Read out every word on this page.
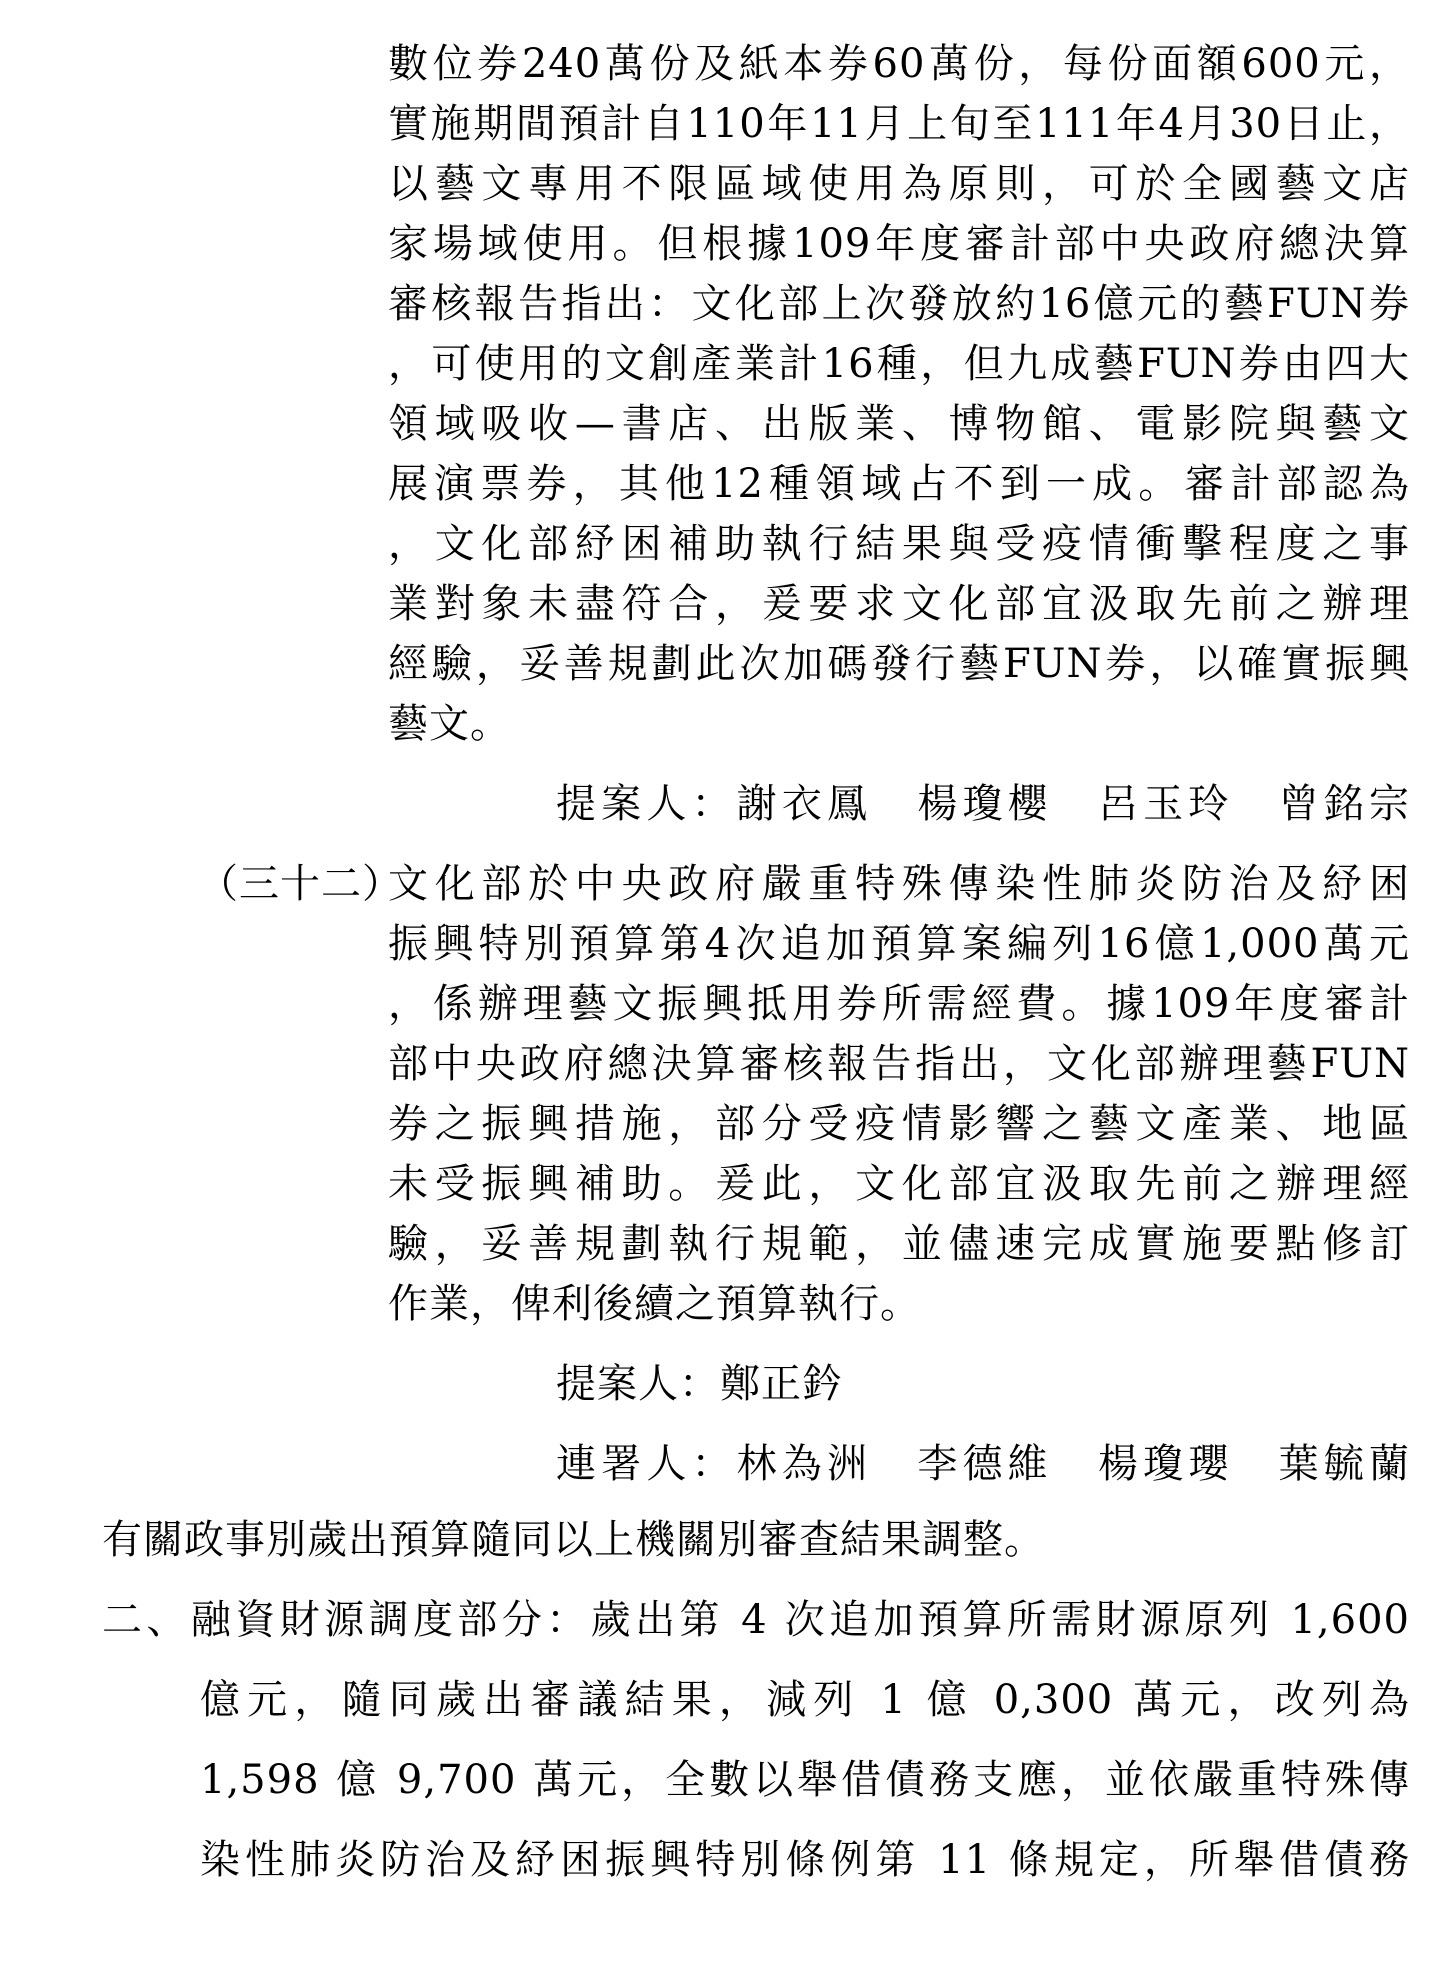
數位券240萬份及紙本券60萬份，每份面額600元，
實施期間預計自110年11月上旬至111年4月30日止，
以藝文專用不限區域使用為原則，可於全國藝文店
家場域使用。但根據109年度審計部中央政府總決算
審核報告指出：文化部上次發放約16億元的藝FUN券
，可使用的文創產業計16種，但九成藝FUN券由四大
領域吸收—書店、出版業、博物館、電影院與藝文
展演票券，其他12種領域占不到一成。審計部認為
，文化部紓困補助執行結果與受疫情衝擊程度之事
業對象未盡符合，爰要求文化部宜汲取先前之辦理
經驗，妥善規劃此次加碼發行藝FUN券，以確實振興
藝文。
提案人：謝衣鳳　楊瓊櫻　呂玉玲　曾銘宗
（三十二）
文化部於中央政府嚴重特殊傳染性肺炎防治及紓困
振興特別預算第4次追加預算案編列16億1,000萬元
，係辦理藝文振興抵用券所需經費。據109年度審計
部中央政府總決算審核報告指出，文化部辦理藝FUN
券之振興措施，部分受疫情影響之藝文產業、地區
未受振興補助。爰此，文化部宜汲取先前之辦理經
驗，妥善規劃執行規範，並儘速完成實施要點修訂
作業，俾利後續之預算執行。
提案人：鄭正鈐
連署人：林為洲　李德維　楊瓊瓔　葉毓蘭
有關政事別歲出預算隨同以上機關別審查結果調整。
二、融資財源調度部分：歲出第 4 次追加預算所需財源原列 1,600
億元，隨同歲出審議結果，減列 1 億 0,300 萬元，改列為
1,598 億 9,700 萬元，全數以舉借債務支應，並依嚴重特殊傳
染性肺炎防治及紓困振興特別條例第 11 條規定，所舉借債務
